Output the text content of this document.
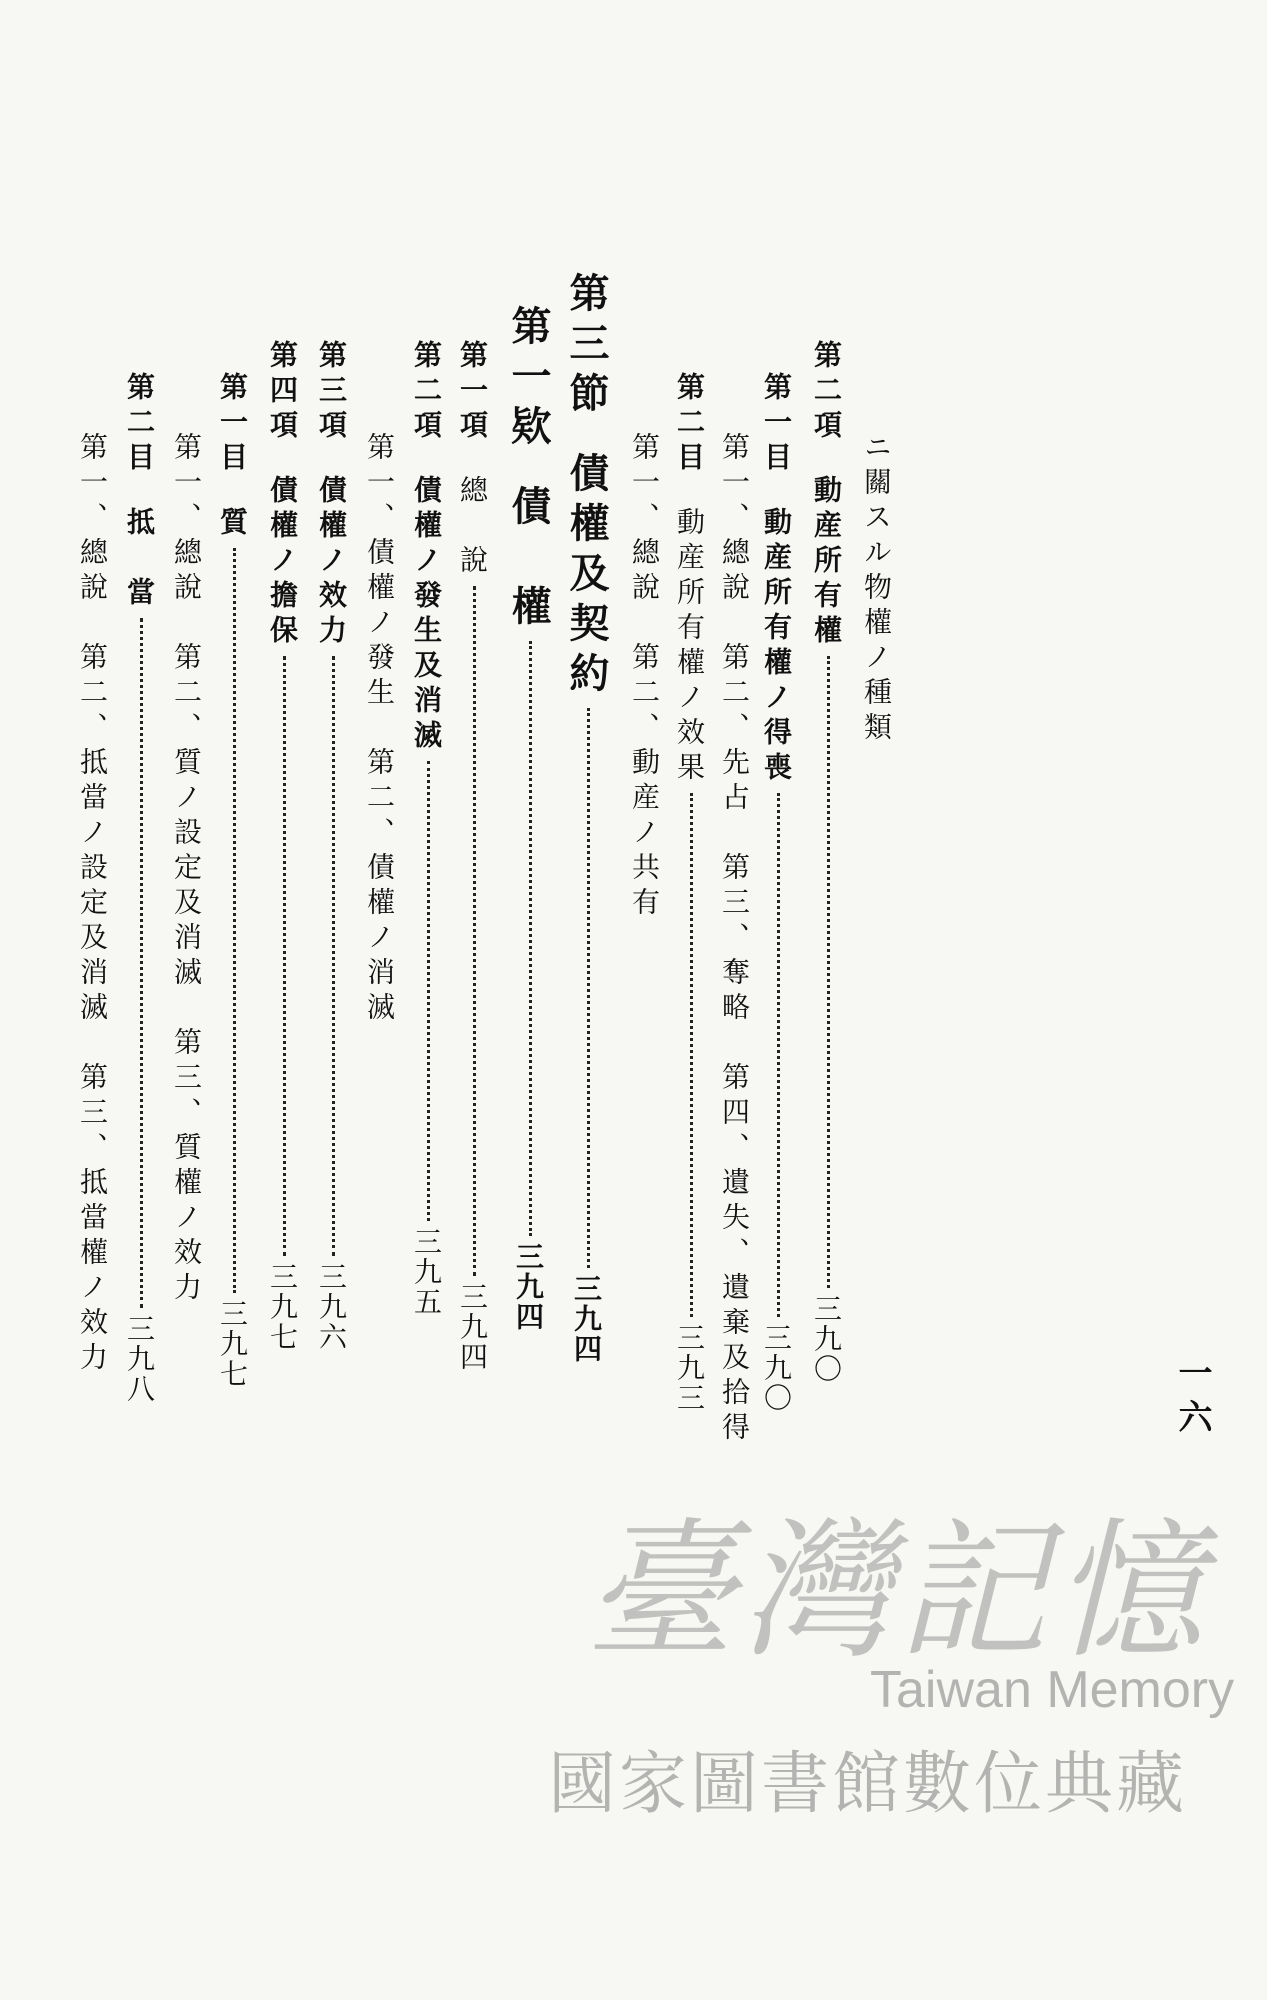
一六
ニ關スル物權ノ種類
第二項動産所有權三九〇
第一目動産所有權ノ得喪三九〇
第一、總說　第二、先占　第三、奪略　第四、遺失、遺棄及拾得
第二目動産所有權ノ效果三九三
第一、總說　第二、動産ノ共有
第三節債權及契約三九四
第一欵債　權三九四
第一項總　說三九四
第二項債權ノ發生及消滅三九五
第一、債權ノ發生　第二、債權ノ消滅
第三項債權ノ效力三九六
第四項債權ノ擔保三九七
第一目質三九七
第一、總說　第二、質ノ設定及消滅　第三、質權ノ效力
第二目抵　當三九八
第一、總說　第二、抵當ノ設定及消滅　第三、抵當權ノ效力
臺灣記憶
Taiwan Memory
國家圖書館數位典藏
